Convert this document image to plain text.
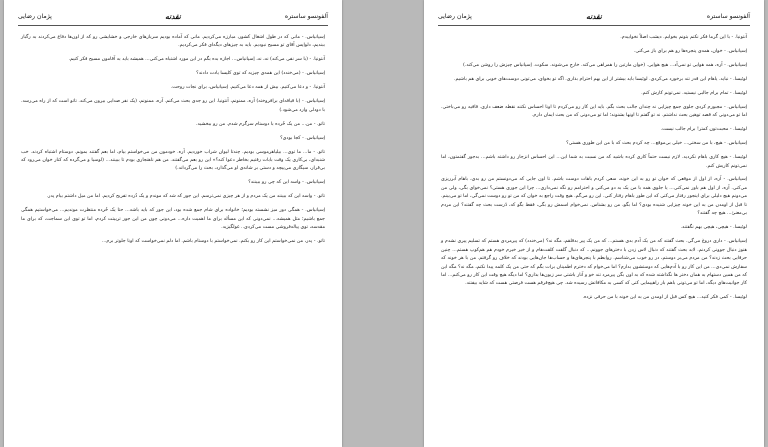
آلفونسو ساستره
نقدنه
پژمان رضایی

اِسپانیاس. - مانی که در طول اشغال کشور، مبارزه می‌کردیم. مانی که آماده بودیم سربازهای خارجی و خشایشی رو که از اون‌ها دفاع می‌کردند به رگبار ببندیم، دلواپس آقای تو مسیح نبودیم. باید به چیزهای دیگه‌ای فکر می‌کردیم.

آنتونیا. - (با سر نفی می‌کند) نه، نه، اِسپانیاس... اجازه بده بگم در این مورد اشتباه می‌کنی... همیشه باید به آقامون مسیح فکر کنیم.

اِسپانیاس. - (می‌خندد) این همه‌ی چیزیه که توی کلیسا یادت دادند؟

آنتونیا. - و دعا می‌کنیم. بیش از همه دعا می‌کنیم. اِسپانیاس، برای نجات روحت.

اِسپانیاس. - (با قیافه‌ای برافروخته) آره، ممنونم، آنتونیا. این رو جدی بحث می‌کنم. آره، ممنونم، (یک نفر صدایی بیرون می‌کند. تاتو است که از راه می‌رسد. با دودلی وارد می‌شود.)

تاتو. - من... من یک خُرده با دوستام سرگرم شدم. من رو ببخشید.

اِسپانیاس. - کجا بودی؟

تاتو. - ما... ما توی... بیلیاهرموسی بودیم. چندتا لیوان شراب خوردیم. آره. خودمون من می‌خواستم بیام، اما بعم گفتند بمونم. دوستام اشتباه کردند. خب شنبه‌ای، بی‌کاری یک وقت بابات رفتیم بخاطر دعوا کنه؟» این رو بعم می‌گفتند. من هم ناهنجاری بودم تا ببینند... (لوسیا و می‌گرده که کنار خوان می‌رود که بی‌قرار، سیگاری می‌پیچد و دستی بر شانه‌ی او می‌گذارد، بحث را می‌گرداند.)

اِسپانیاس. - واسه این که چی رو ببینند؟

تاتو. - واسه این که ببینند من یک مردم و از هر چیزی نمی‌ترسم. این جور که شد که موندم و یک ذُرده تفریح کردیم. اما من میل داشتم بیام پدر.

اِسپانیاس. - همگی دور میز نشسته بودیم؛ خانواده برای شام جمع شده بود، این جور که باید باشه... حتا یک خُرده منتظرت موندیم... می‌خواستیم همگی جمع باشیم؛ مثل همیشه... نمی‌دونی که این مسأله برای ما اهمیت داره... می‌دونی چون من این جور تربیتت کردم، اما تو توی این سماجت، که برای ما مقدسه، توی پیاله‌فروشی مست می‌کردی.. غولگیزید.

تاتو. - پدر، من نمی‌خواستم این کار رو بکنم. نمی‌خواستم با دوستام باشم. اما دلم نمی‌خواست که اونا جلوتر برم...

آلفونسو ساستره
نقدنه
پژمان رضایی

آنتونیا. - با این گرما فکر نکنم بتونم بخوابم. دیشب اصلاً نخوابیدم.

اِسپانیاس. - خوان، همه‌ی پنجره‌ها رو هم برای باز می‌کنی.

اِسپانیاس. - آره، همه هوایی تو نمی‌آد... هیچ هوایی. (خوان مارتین را همراهی می‌کند. خارج می‌شوند. سکوت. اِسپانیاس چیزش را روشن می‌کند.)

لوئیسا. - نباید. یاهام این قدر تند برخورد می‌کردی. لوئیسا باید بیشتر از این بهم احترام بذاری. اگه تو بخوای، می‌تونی دوست‌های خوبی برای هم باشیم.

لوئیسا. - تمام برام جالبی نیستید. نمی‌تونم کارش کنم.

اِسپانیاس. - مجبورم کردی جلوی جمع چیزایی نه چندان جالب بحث بگم. باید این کار رو می‌کردم تا اونا احساس نکنند نقطه ضعف داری. قافیه رو می‌باختی. اما تو می‌دونی که قصد توهین بحث نداشتم. نه تو گفتم تا اونها بشنوند؛ اما تو می‌دونی که من بحث ایمان دارم.

لوئیسا. - محبت‌تون کمتر! برام جالب نیست.

اِسپانیاس. - هیچ، با من سختی... خیلی بی‌موقع... چه کردم بحث که با من این طوری هستی؟

لوئیسا. - هیچ کاری باهام نکردید. لازم نیست حتماً کاری کرده باشید که من نسبت به شما این... این احساس انزجار رو داشته باشم... بدجور گفتمتون، اما نمی‌تونم کاریش کنم.

اِسپانیاس. - آره، از اول از موقعی که خوان تو رو به این خونه، سعی کردم باهات دوست باشم. تا اون جایی که می‌دونستم من رو بدی، باهام آبرریزی می‌کنی. آره، از اول هم باور نمی‌کنی... یا جلوی همه با من یک به دو می‌کنی و احترامم رو نگه نمی‌داری... چرا این جوری هستی؟ نمی‌خوای بگی، ولی من می‌دونم هیچ دلیلی برای اینجور رفتار می‌کنی که این طور باهام رفتار کنی. این رو می‌گم. هیچ وقت راجع به خوان که من تو رو دوست نمی‌گی، اما تو می‌بینم. تا قبل از اومدن من به این خونه چیزایی شنیده بودی؟ اما بگو، من رو بشناس. نمی‌خوام اسمش رو بگی، فقط بگو که، دُرست بحث چه گفتند؟ این مردم بی‌معنیٔ... هیچ چه گفتند؟

لوئیسا. - هیچی، هیچی بهم نگفتند.

اِسپانیاس. - داری دروغ می‌گی. بحث گفتند که من یک آدم بدی هستم... که من یک پیر بدقلقم، مگه نه؟ (می‌خندد) که پیرمردی هستم که تسلیم پیری نشدم و هنوز دنبال جوونی کردنم. لابد بحث گفتند که دنبال لاس زدن با دخترهای جوونم... که دنبال گلفت کلفت‌هام و از خیر خیرم خودم هم هم‌کوپ هستم... چنین حرفایی بحث زدند؟ من مردم می‌بر دوستم، در رو خوب می‌شناسم. روابطم با پنجرهای‌ها و حساب‌ها جان‌هایی بودند که خلاف رو گرفتم. من با هر خونه که سفارش نمی‌دی... من این کار رو با آدم‌هایی که دوستشون بدارم؟ اما می‌خوام که دخترم اطمینان برات بگم که حتی من یک کلمه پیدا نکنم، مگه نه؟ مگه این که من همین دستهام به همان دختر ‌ها نگذاشته شده که به اون بگن پیرمرد تند خو و آنار باشتی سر زبون‌ها بذاری؟ اما دیگه هیچ وقت این کار رو می‌کنم... اما کار جوانیت‌های دیگه، اما تو می‌تونی باهم بار راهپیمایی کنی که کسی به مکافاتش رسیده شد. چی هیچ‌فرقم هست فرصتی هست که شاید بیفتند.

لوئیسا. - کمی فکر کنید... هیچ کس قبل از اومدن من به این خونه با من حرفی نزده.
